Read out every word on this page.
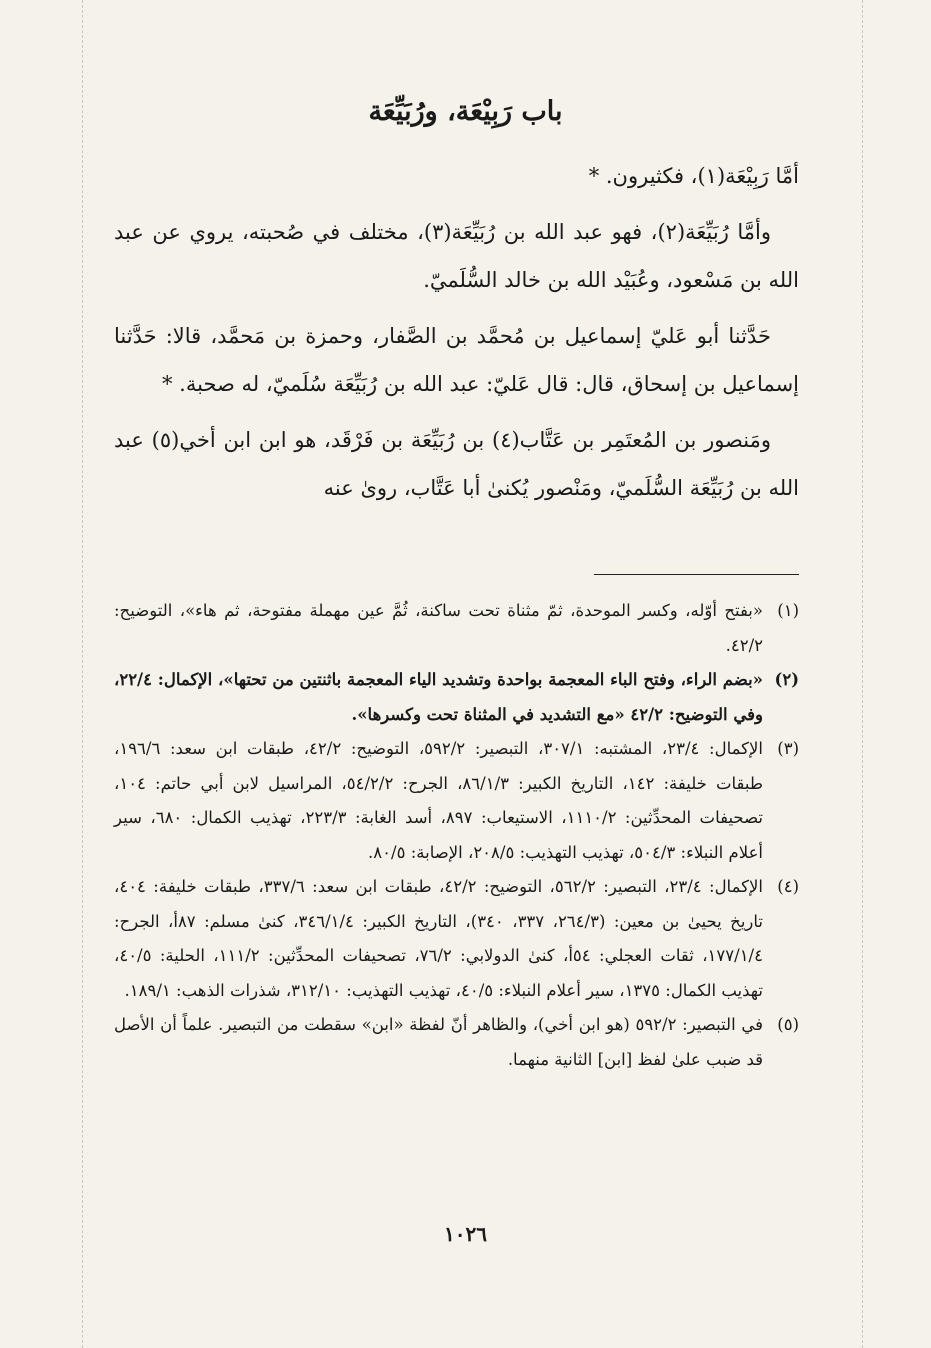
باب رَبِيْعَة، ورُبَيِّعَة

أمَّا رَبِيْعَة(١)، فكثيرون. *

وأمَّا رُبَيِّعَة(٢)، فهو عبد الله بن رُبَيِّعَة(٣)، مختلف في صُحبته، يروي عن عبد الله بن مَسْعود، وعُبَيْد الله بن خالد السُّلَميّ.

حَدَّثنا أبو عَليّ إسماعيل بن مُحمَّد بن الصَّفار، وحمزة بن مَحمَّد، قالا: حَدَّثنا إسماعيل بن إسحاق، قال: قال عَليّ: عبد الله بن رُبَيِّعَة سُلَميّ، له صحبة. *

ومَنصور بن المُعتَمِر بن عَتَّاب(٤) بن رُبَيِّعَة بن فَرْقَد، هو ابن ابن أخي(٥) عبد الله بن رُبَيِّعَة السُّلَميّ، ومَنْصور يُكنىٰ أبا عَتَّاب، روىٰ عنه

(١)
«بفتح أوّله، وكسر الموحدة، ثمّ مثناة تحت ساكنة، ثُمَّ عين مهملة مفتوحة، ثم هاء»، التوضيح: ٤٢/٢.
(٢)
«بضم الراء، وفتح الباء المعجمة بواحدة وتشديد الياء المعجمة باثنتين من تحتها»، الإكمال: ٢٢/٤، وفي التوضيح: ٤٢/٢ «مع التشديد في المثناة تحت وكسرها».
(٣)
الإكمال: ٢٣/٤، المشتبه: ٣٠٧/١، التبصير: ٥٩٢/٢، التوضيح: ٤٢/٢، طبقات ابن سعد: ١٩٦/٦، طبقات خليفة: ١٤٢، التاريخ الكبير: ٨٦/١/٣، الجرح: ٥٤/٢/٢، المراسيل لابن أبي حاتم: ١٠٤، تصحيفات المحدِّثين: ١١١٠/٢، الاستيعاب: ٨٩٧، أسد الغابة: ٢٢٣/٣، تهذيب الكمال: ٦٨٠، سير أعلام النبلاء: ٥٠٤/٣، تهذيب التهذيب: ٢٠٨/٥، الإصابة: ٨٠/٥.
(٤)
الإكمال: ٢٣/٤، التبصير: ٥٦٢/٢، التوضيح: ٤٢/٢، طبقات ابن سعد: ٣٣٧/٦، طبقات خليفة: ٤٠٤، تاريخ يحيىٰ بن معين: (٢٦٤/٣، ٣٣٧، ٣٤٠)، التاريخ الكبير: ٣٤٦/١/٤، كنىٰ مسلم: ٨٧أ، الجرح: ١٧٧/١/٤، ثقات العجلي: ٥٤أ، كنىٰ الدولابي: ٧٦/٢، تصحيفات المحدِّثين: ١١١/٢، الحلية: ٤٠/٥، تهذيب الكمال: ١٣٧٥، سير أعلام النبلاء: ٤٠/٥، تهذيب التهذيب: ٣١٢/١٠، شذرات الذهب: ١٨٩/١.
(٥)
في التبصير: ٥٩٢/٢ (هو ابن أخي)، والظاهر أنّ لفظة «ابن» سقطت من التبصير. علماً أن الأصل قد ضبب علىٰ لفظ [ابن] الثانية منهما.
١٠٢٦
